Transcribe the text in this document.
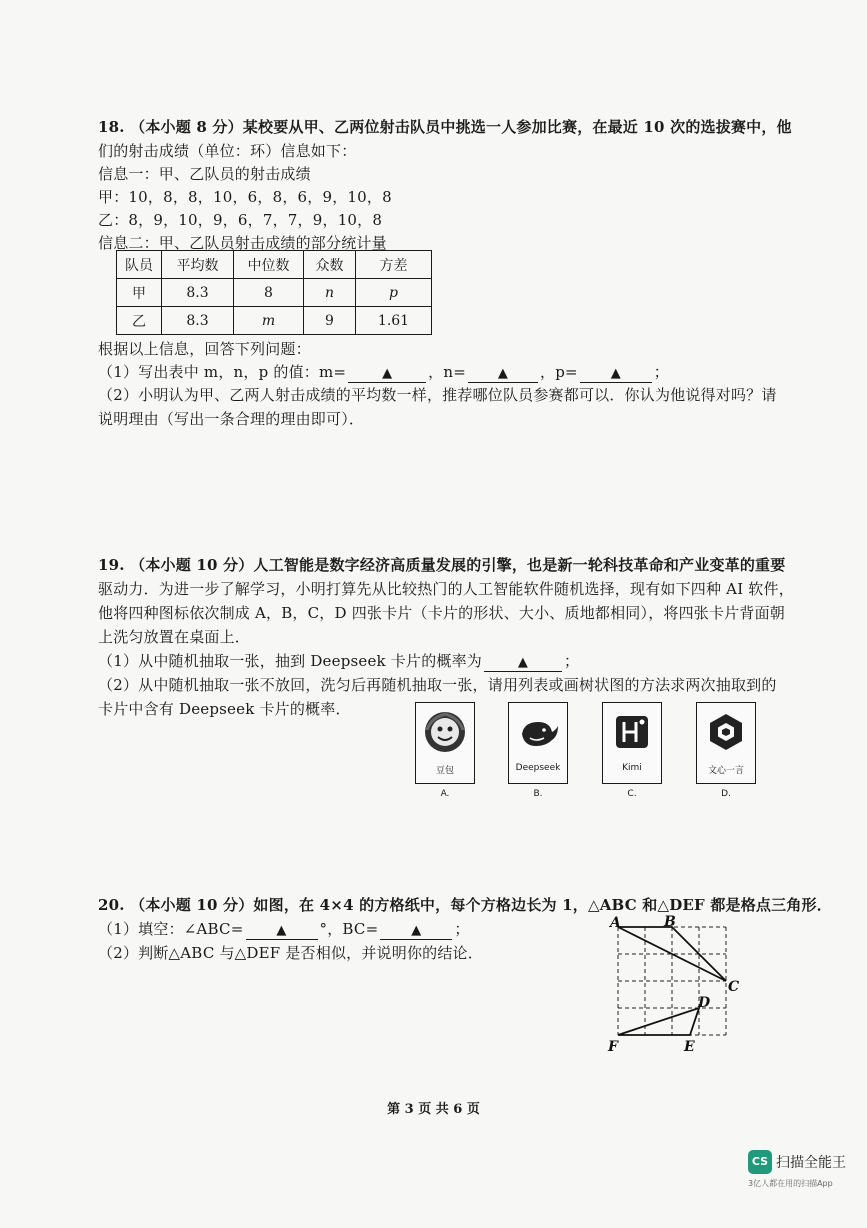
18. （本小题 8 分）某校要从甲、乙两位射击队员中挑选一人参加比赛，在最近 10 次的选拔赛中，他
们的射击成绩（单位：环）信息如下：
信息一：甲、乙队员的射击成绩
甲：10，8，8，10，6，8，6，9，10，8
乙：8，9，10，9，6，7，7，9，10，8
信息二：甲、乙队员射击成绩的部分统计量
队员	平均数	中位数	众数	方差
甲	8.3	8	n	p
乙	8.3	m	9	1.61
根据以上信息，回答下列问题：
（1）写出表中 m，n，p 的值：m=	▲ ，n= ▲ ，p=	▲ ；
（2）小明认为甲、乙两人射击成绩的平均数一样，推荐哪位队员参赛都可以．你认为他说得对吗？请
说明理由（写出一条合理的理由即可）．
19. （本小题 10 分）人工智能是数字经济高质量发展的引擎，也是新一轮科技革命和产业变革的重要
驱动力．为进一步了解学习，小明打算先从比较热门的人工智能软件随机选择，现有如下四种 AI 软件，
他将四种图标依次制成 A，B，C，D 四张卡片（卡片的形状、大小、质地都相同），将四张卡片背面朝
上洗匀放置在桌面上．
（1）从中随机抽取一张，抽到 Deepseek 卡片的概率为	▲ ；
（2）从中随机抽取一张不放回，洗匀后再随机抽取一张，请用列表或画树状图的方法求两次抽取到的
卡片中含有 Deepseek 卡片的概率．
豆包	Deepseek	Kimi	文心一言
A.	B.	C.	D.
20. （本小题 10 分）如图，在 4×4 的方格纸中，每个方格边长为 1，△ABC 和△DEF 都是格点三角形．
（1）填空：∠ABC=	▲ °，BC=	▲ ；
（2）判断△ABC 与△DEF 是否相似，并说明你的结论．
A	B
C
D
E
F
第 3 页 共 6 页
CS 扫描全能王
3亿人都在用的扫描App
